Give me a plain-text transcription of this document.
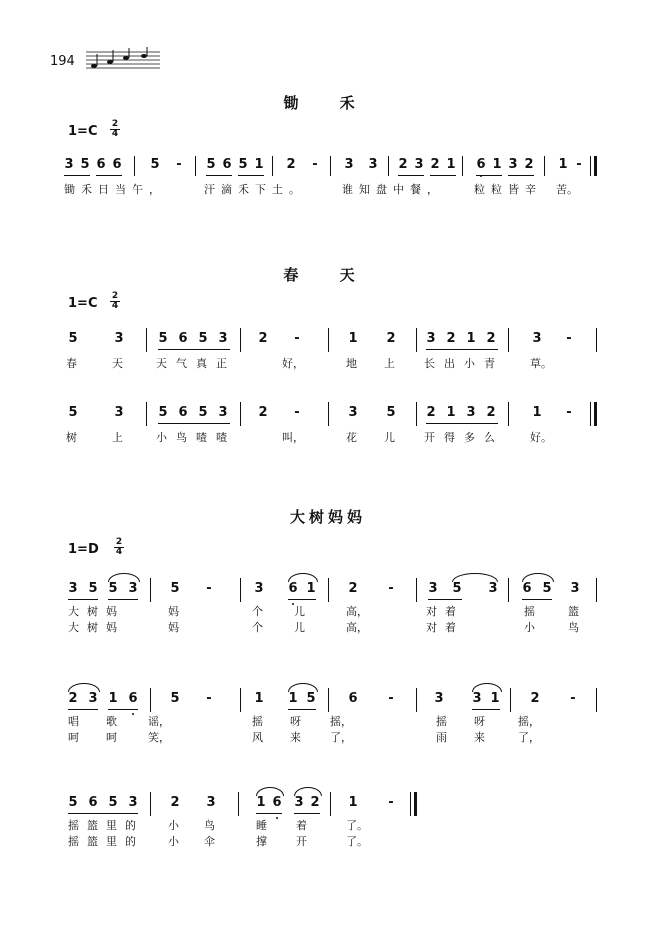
194
锄 禾
$1=C \frac{2}{4}$
3 5 6 6 5	-	5 6 5 1 2	-	3 3 2 3 2 1 6 1 3 2 1 -
锄禾日当午，	汗滴禾下土。	谁知盘中餐，	粒粒皆辛 苦。
春 天
$1=C \frac{2}{4}$
5	3	5 6 5 3 2	-	1 2 3 2 1 2	3	-
春	天	天气真正	好，	地 上	长出小青 草。
5	3	5 6 5 3 2	-	3 5 2 1 3 2	1	-
树	上	小鸟喳喳	叫，	花 儿	开得多么 好。
大树妈妈
$1=D \frac{2}{4}$
3 5 5 3	5	-	3 6 1	2	-	3 5 3 6 5 3
大树妈	妈	个	儿	高，	对着	摇	篮
大树妈	妈	个	儿	高，	对着	小	鸟
2 3 1 6	5	-	1 1 5	6	-	3 3 1 2	-
唱 歌	谣，	摇 呀	摇，	摇 呀	摇，
呵 呵	笑，	风 来	了，	雨 来	了，
5 6 5 3	2 3	1 6 3 2 1	-
摇篮里的 小 鸟	睡	着	了。
摇篮里的 小 伞	撑	开	了。
